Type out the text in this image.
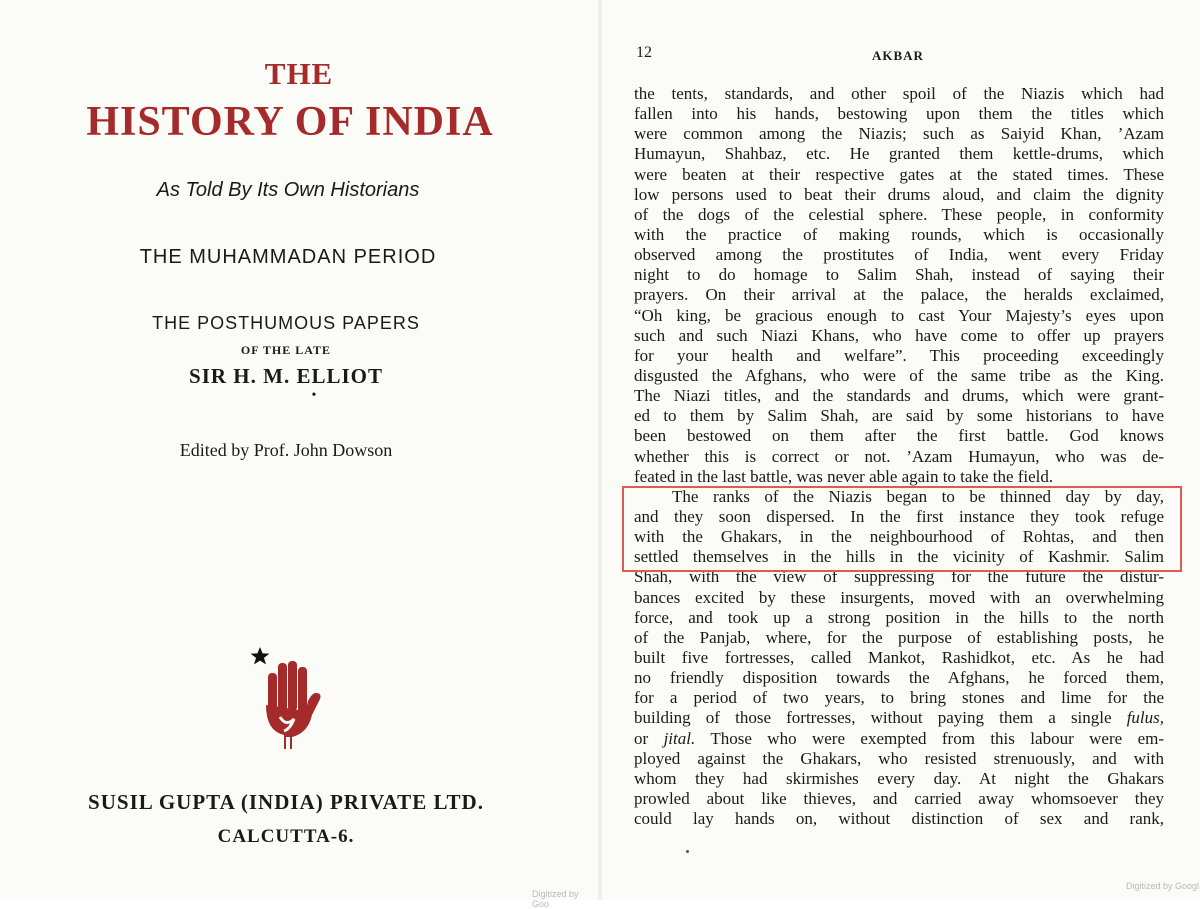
THE
HISTORY OF INDIA
As Told By Its Own Historians
THE MUHAMMADAN PERIOD
THE POSTHUMOUS PAPERS
OF THE LATE
SIR H. M. ELLIOT
•
Edited by Prof. John Dowson
SUSIL GUPTA (INDIA) PRIVATE LTD.
CALCUTTA-6.
Digitized by Goo
12	AKBAR
the tents, standards, and other spoil of the Niazis which had
fallen into his hands, bestowing upon them the titles which
were common among the Niazis; such as Saiyid Khan, ’Azam
Humayun, Shahbaz, etc. He granted them kettle-drums, which
were beaten at their respective gates at the stated times. These
low persons used to beat their drums aloud, and claim the dignity
of the dogs of the celestial sphere. These people, in conformity
with the practice of making rounds, which is occasionally
observed among the prostitutes of India, went every Friday
night to do homage to Salim Shah, instead of saying their
prayers. On their arrival at the palace, the heralds exclaimed,
“Oh king, be gracious enough to cast Your Majesty’s eyes upon
such and such Niazi Khans, who have come to offer up prayers
for your health and welfare”. This proceeding exceedingly
disgusted the Afghans, who were of the same tribe as the King.
The Niazi titles, and the standards and drums, which were grant-
ed to them by Salim Shah, are said by some historians to have
been bestowed on them after the first battle. God knows
whether this is correct or not. ’Azam Humayun, who was de-
feated in the last battle, was never able again to take the field.
The ranks of the Niazis began to be thinned day by day,
and they soon dispersed. In the first instance they took refuge
with the Ghakars, in the neighbourhood of Rohtas, and then
settled themselves in the hills in the vicinity of Kashmir. Salim
Shah, with the view of suppressing for the future the distur-
bances excited by these insurgents, moved with an overwhelming
force, and took up a strong position in the hills to the north
of the Panjab, where, for the purpose of establishing posts, he
built five fortresses, called Mankot, Rashidkot, etc. As he had
no friendly disposition towards the Afghans, he forced them,
for a period of two years, to bring stones and lime for the
building of those fortresses, without paying them a single fulus,
or jital. Those who were exempted from this labour were em-
ployed against the Ghakars, who resisted strenuously, and with
whom they had skirmishes every day. At night the Ghakars
prowled about like thieves, and carried away whomsoever they
could lay hands on, without distinction of sex and rank,
Digitized by Googl
